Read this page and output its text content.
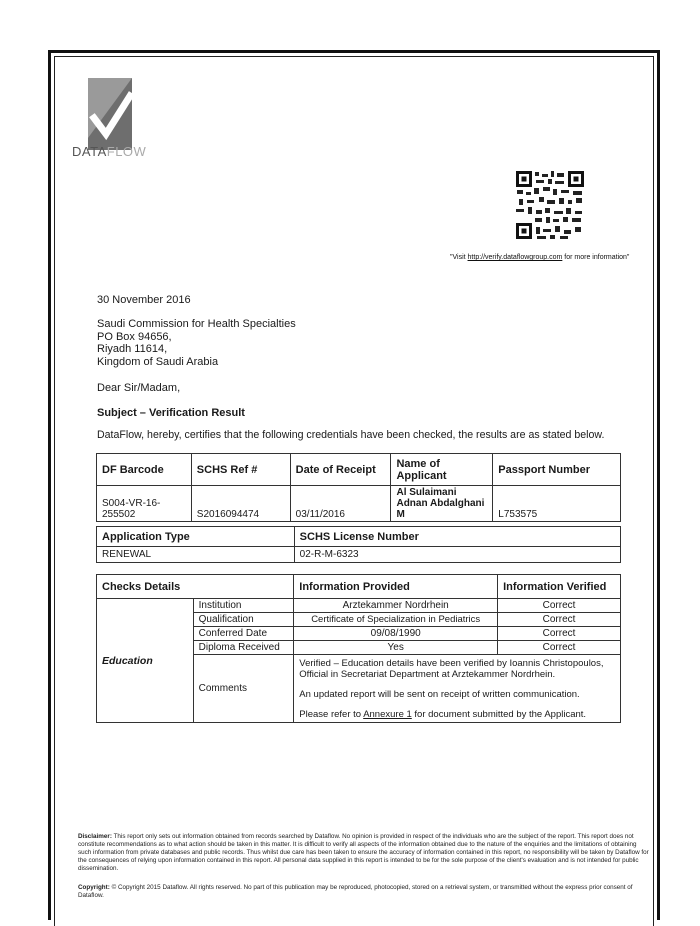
DATAFLOW
"Visit http://verify.dataflowgroup.com for more information"
30 November 2016
Saudi Commission for Health Specialties
PO Box 94656,
Riyadh 11614,
Kingdom of Saudi Arabia
Dear Sir/Madam,
Subject – Verification Result
DataFlow, hereby, certifies that the following credentials have been checked, the results are as stated below.
DF Barcode	SCHS Ref #	Date of Receipt	Name of Applicant	Passport Number
S004-VR-16-255502	S2016094474	03/11/2016	Al Sulaimani Adnan Abdalghani M	L753575
Application Type	SCHS License Number
RENEWAL	02-R-M-6323
Checks Details		Information Provided	Information Verified
Education	Institution	Arztekammer Nordrhein	Correct
	Qualification	Certificate of Specialization in Pediatrics	Correct
	Conferred Date	09/08/1990	Correct
	Diploma Received	Yes	Correct
	Comments	Verified – Education details have been verified by Ioannis Christopoulos, Official in Secretariat Department at Arztekammer Nordrhein.
An updated report will be sent on receipt of written communication.
Please refer to Annexure 1 for document submitted by the Applicant.	
Disclaimer: This report only sets out information obtained from records searched by Dataflow. No opinion is provided in respect of the individuals who are the subject of the report. This report does not constitute recommendations as to what action should be taken in this matter. It is difficult to verify all aspects of the information obtained due to the nature of the enquiries and the limitations of obtaining such information from private databases and public records. Thus whilst due care has been taken to ensure the accuracy of information contained in this report, no responsibility will be taken by Dataflow for the consequences of relying upon information contained in this report. All personal data supplied in this report is intended to be for the sole purpose of the client's evaluation and is not intended for public dissemination.
Copyright: © Copyright 2015 Dataflow. All rights reserved. No part of this publication may be reproduced, photocopied, stored on a retrieval system, or transmitted without the express prior consent of Dataflow.
